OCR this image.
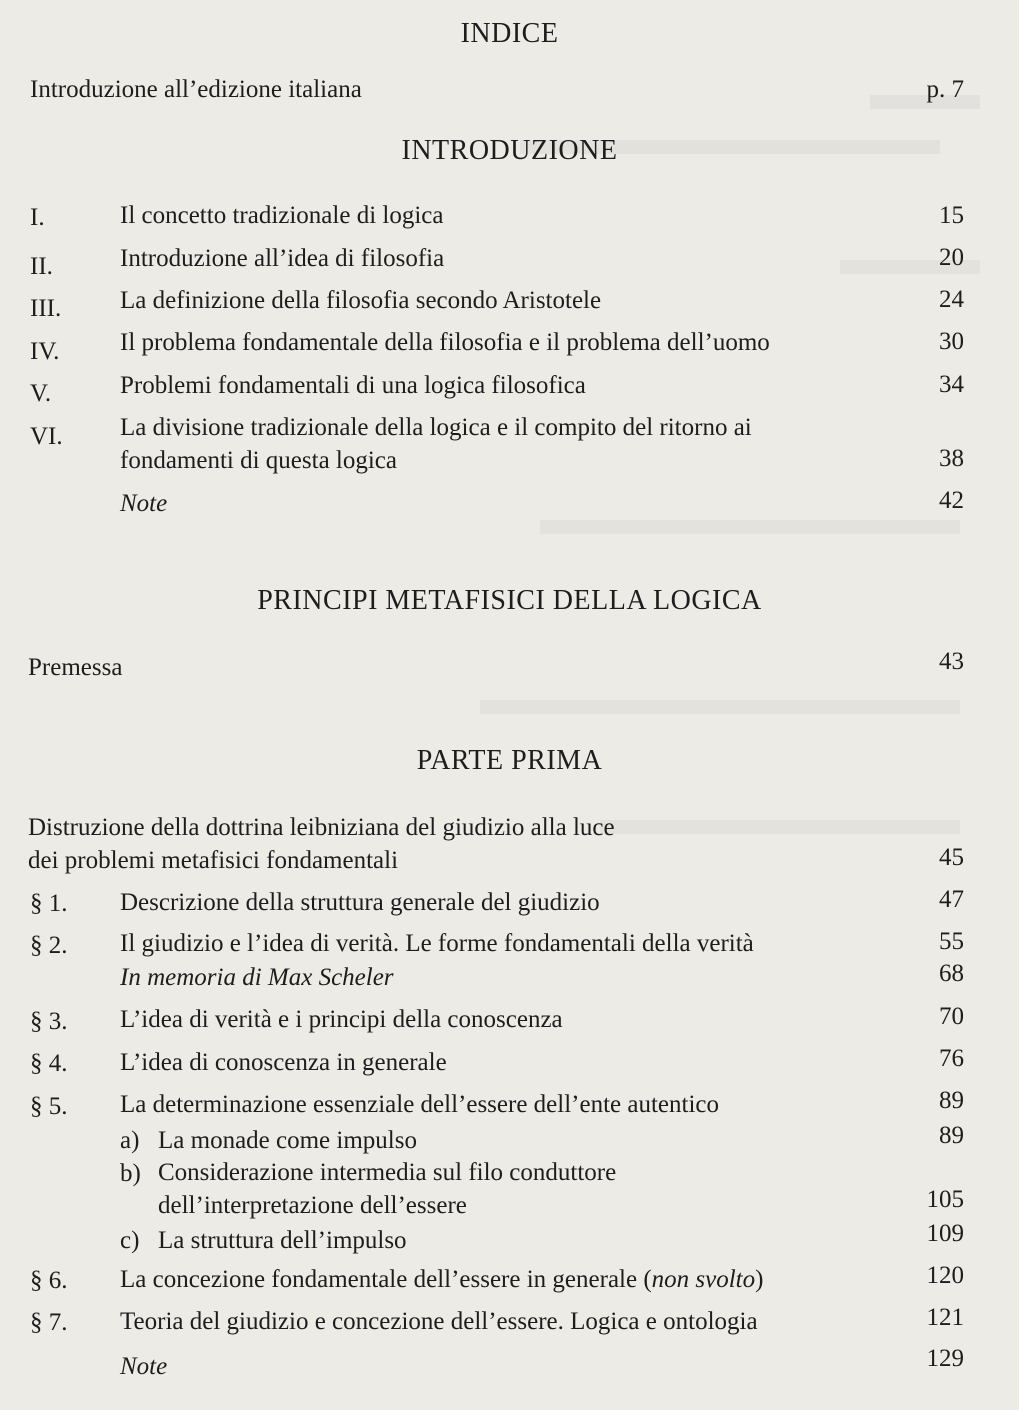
INDICE
Introduzione all’edizione italiana	p. 7
INTRODUZIONE
I.	Il concetto tradizionale di logica	15
II.	Introduzione all’idea di filosofia	20
III. La definizione della filosofia secondo Aristotele	24
IV. Il problema fondamentale della filosofia e il problema dell’uomo	30
V.	Problemi fondamentali di una logica filosofica	34
VI. La divisione tradizionale della logica e il compito del ritorno ai
fondamenti di questa logica	38
Note	42
PRINCIPI METAFISICI DELLA LOGICA
Premessa	43
PARTE PRIMA
Distruzione della dottrina leibniziana del giudizio alla luce
dei problemi metafisici fondamentali	45
§ 1. Descrizione della struttura generale del giudizio	47
§ 2. Il giudizio e l’idea di verità. Le forme fondamentali della verità	55
In memoria di Max Scheler	68
§ 3. L’idea di verità e i principi della conoscenza	70
§ 4. L’idea di conoscenza in generale	76
§ 5. La determinazione essenziale dell’essere dell’ente autentico	89
a) La monade come impulso	89
b) Considerazione intermedia sul filo conduttore
dell’interpretazione dell’essere	105
c) La struttura dell’impulso	109
§ 6. La concezione fondamentale dell’essere in generale (non svolto)	120
§ 7. Teoria del giudizio e concezione dell’essere. Logica e ontologia	121
Note	129
